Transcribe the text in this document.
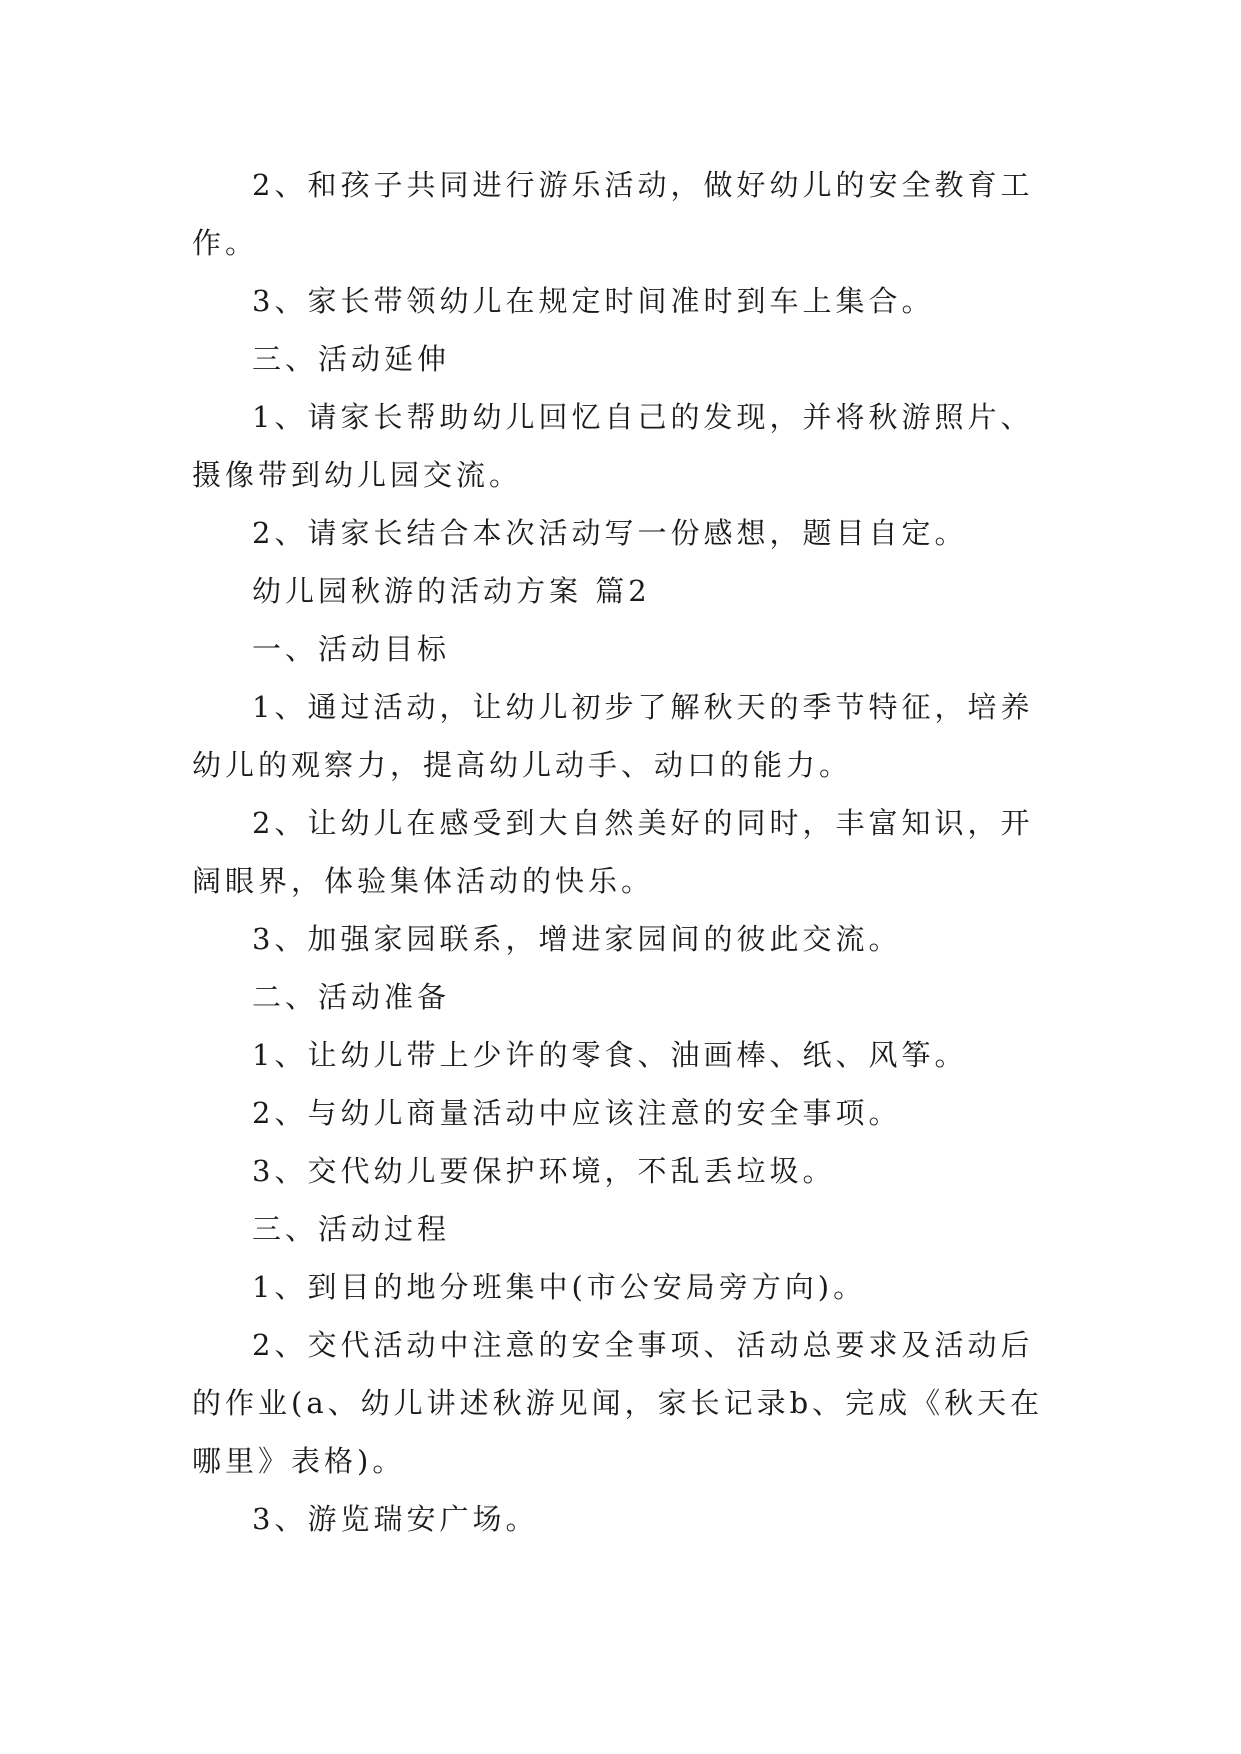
2、和孩子共同进行游乐活动，做好幼儿的安全教育工作。

3、家长带领幼儿在规定时间准时到车上集合。

三、活动延伸

1、请家长帮助幼儿回忆自己的发现，并将秋游照片、摄像带到幼儿园交流。

2、请家长结合本次活动写一份感想，题目自定。

幼儿园秋游的活动方案 篇2

一、活动目标

1、通过活动，让幼儿初步了解秋天的季节特征，培养幼儿的观察力，提高幼儿动手、动口的能力。

2、让幼儿在感受到大自然美好的同时，丰富知识，开阔眼界，体验集体活动的快乐。

3、加强家园联系，增进家园间的彼此交流。

二、活动准备

1、让幼儿带上少许的零食、油画棒、纸、风筝。

2、与幼儿商量活动中应该注意的安全事项。

3、交代幼儿要保护环境，不乱丢垃圾。

三、活动过程

1、到目的地分班集中(市公安局旁方向)。

2、交代活动中注意的安全事项、活动总要求及活动后的作业(a、幼儿讲述秋游见闻，家长记录b、完成《秋天在哪里》表格)。

3、游览瑞安广场。
